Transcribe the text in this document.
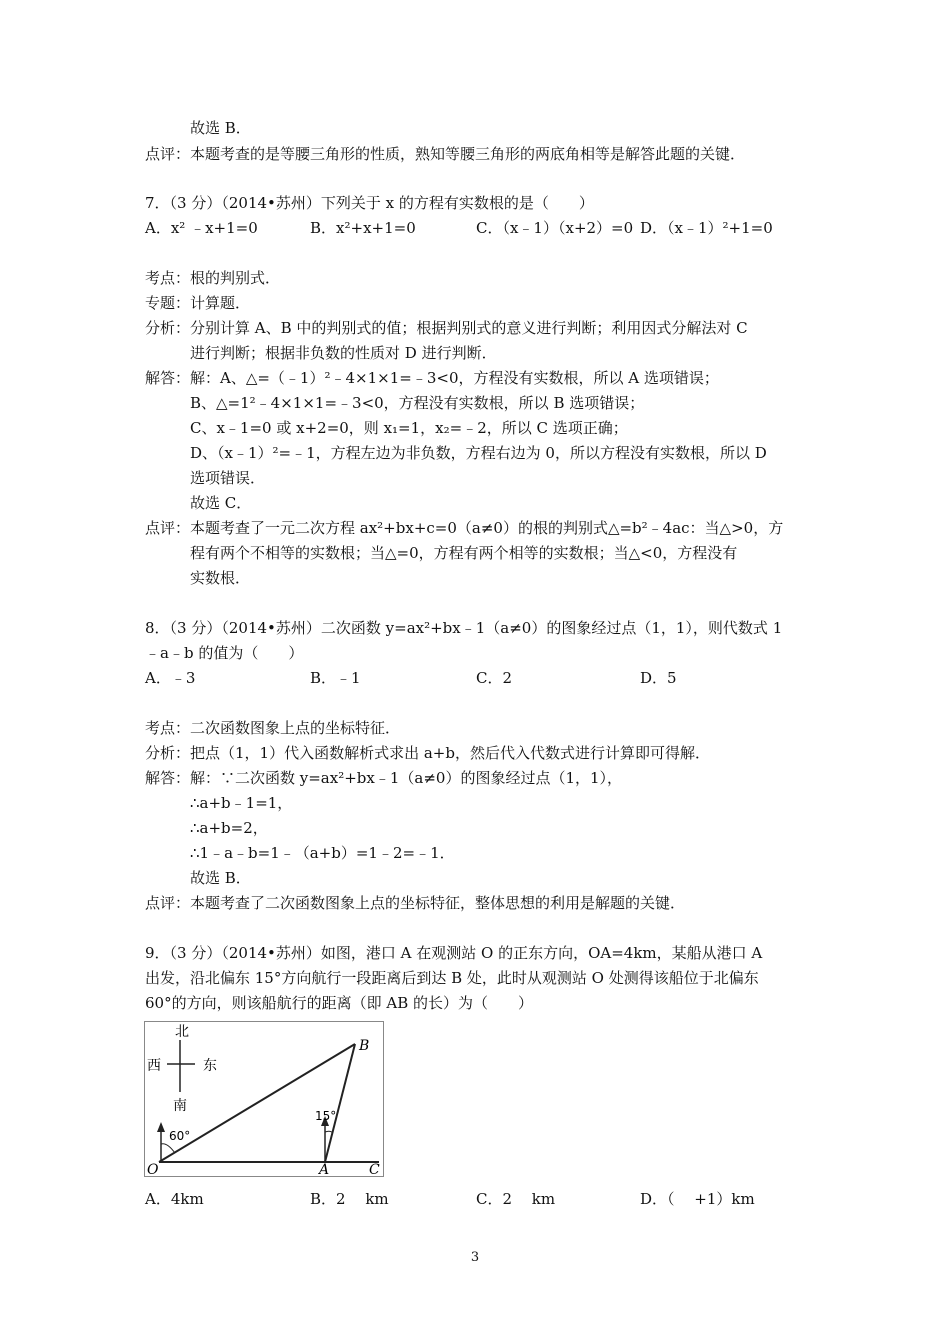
故选 B．
点评：本题考查的是等腰三角形的性质，熟知等腰三角形的两底角相等是解答此题的关键．
7．（3 分）（2014•苏州）下列关于 x 的方程有实数根的是（　　）
A．x² ﹣x+1=0	B．x²+x+1=0	C．（x﹣1）（x+2）=0 D．（x﹣1）²+1=0
考点：根的判别式．
专题：计算题．
分析：分别计算 A、B 中的判别式的值；根据判别式的意义进行判断；利用因式分解法对 C
进行判断；根据非负数的性质对 D 进行判断．
解答：解：A、△=（﹣1）²﹣4×1×1=﹣3<0，方程没有实数根，所以 A 选项错误；
B、△=1²﹣4×1×1=﹣3<0，方程没有实数根，所以 B 选项错误；
C、x﹣1=0 或 x+2=0，则 x₁=1，x₂=﹣2，所以 C 选项正确；
D、（x﹣1）²=﹣1，方程左边为非负数，方程右边为 0，所以方程没有实数根，所以 D
选项错误．
故选 C．
点评：本题考查了一元二次方程 ax²+bx+c=0（a≠0）的根的判别式△=b²﹣4ac：当△>0，方
程有两个不相等的实数根；当△=0，方程有两个相等的实数根；当△<0，方程没有
实数根．
8．（3 分）（2014•苏州）二次函数 y=ax²+bx﹣1（a≠0）的图象经过点（1，1），则代数式 1
﹣a﹣b 的值为（　　）
A．﹣3	B．﹣1	C．2	D．5
考点：二次函数图象上点的坐标特征．
分析：把点（1，1）代入函数解析式求出 a+b，然后代入代数式进行计算即可得解．
解答：解：∵二次函数 y=ax²+bx﹣1（a≠0）的图象经过点（1，1），
∴a+b﹣1=1，
∴a+b=2，
∴1﹣a﹣b=1﹣（a+b）=1﹣2=﹣1．
故选 B．
点评：本题考查了二次函数图象上点的坐标特征，整体思想的利用是解题的关键．
9．（3 分）（2014•苏州）如图，港口 A 在观测站 O 的正东方向，OA=4km，某船从港口 A
出发，沿北偏东 15°方向航行一段距离后到达 B 处，此时从观测站 O 处测得该船位于北偏东
60°的方向，则该船航行的距离（即 AB 的长）为（　　）
北
西	东
南
60°
15°
O	A
B
C
A．4km	B．2　 km	C．2　 km	D．（　 +1）km
3
